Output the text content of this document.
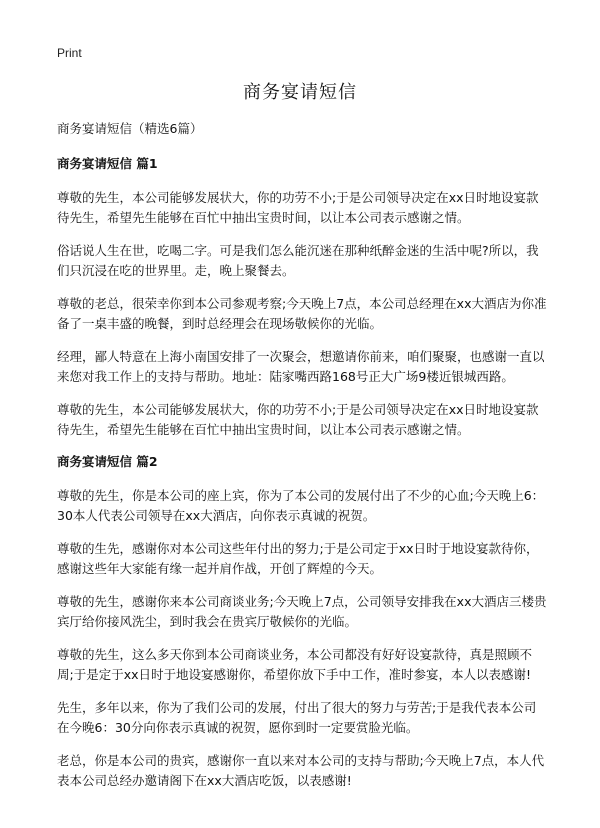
Print
商务宴请短信

商务宴请短信（精选6篇）

商务宴请短信 篇1

尊敬的先生，本公司能够发展状大，你的功劳不小;于是公司领导决定在xx日时地设宴款待先生，希望先生能够在百忙中抽出宝贵时间，以让本公司表示感谢之情。

俗话说人生在世，吃喝二字。可是我们怎么能沉迷在那种纸醉金迷的生活中呢?所以，我们只沉浸在吃的世界里。走，晚上聚餐去。

尊敬的老总，很荣幸你到本公司参观考察;今天晚上7点，本公司总经理在xx大酒店为你准备了一桌丰盛的晚餐，到时总经理会在现场敬候你的光临。

经理，鄙人特意在上海小南国安排了一次聚会，想邀请你前来，咱们聚聚，也感谢一直以来您对我工作上的支持与帮助。地址：陆家嘴西路168号正大广场9楼近银城西路。

尊敬的先生，本公司能够发展状大，你的功劳不小;于是公司领导决定在xx日时地设宴款待先生，希望先生能够在百忙中抽出宝贵时间，以让本公司表示感谢之情。

商务宴请短信 篇2

尊敬的先生，你是本公司的座上宾，你为了本公司的发展付出了不少的心血;今天晚上6：30本人代表公司领导在xx大酒店，向你表示真诚的祝贺。

尊敬的生先，感谢你对本公司这些年付出的努力;于是公司定于xx日时于地设宴款待你，感谢这些年大家能有缘一起并肩作战，开创了辉煌的今天。

尊敬的先生，感谢你来本公司商谈业务;今天晚上7点，公司领导安排我在xx大酒店三楼贵宾厅给你接风洗尘，到时我会在贵宾厅敬候你的光临。

尊敬的先生，这么多天你到本公司商谈业务，本公司都没有好好设宴款待，真是照顾不周;于是定于xx日时于地设宴感谢你，希望你放下手中工作，准时参宴，本人以表感谢!

先生，多年以来，你为了我们公司的发展，付出了很大的努力与劳苦;于是我代表本公司在今晚6：30分向你表示真诚的祝贺，愿你到时一定要赏脸光临。

老总，你是本公司的贵宾，感谢你一直以来对本公司的支持与帮助;今天晚上7点，本人代表本公司总经办邀请阁下在xx大酒店吃饭，以表感谢!
